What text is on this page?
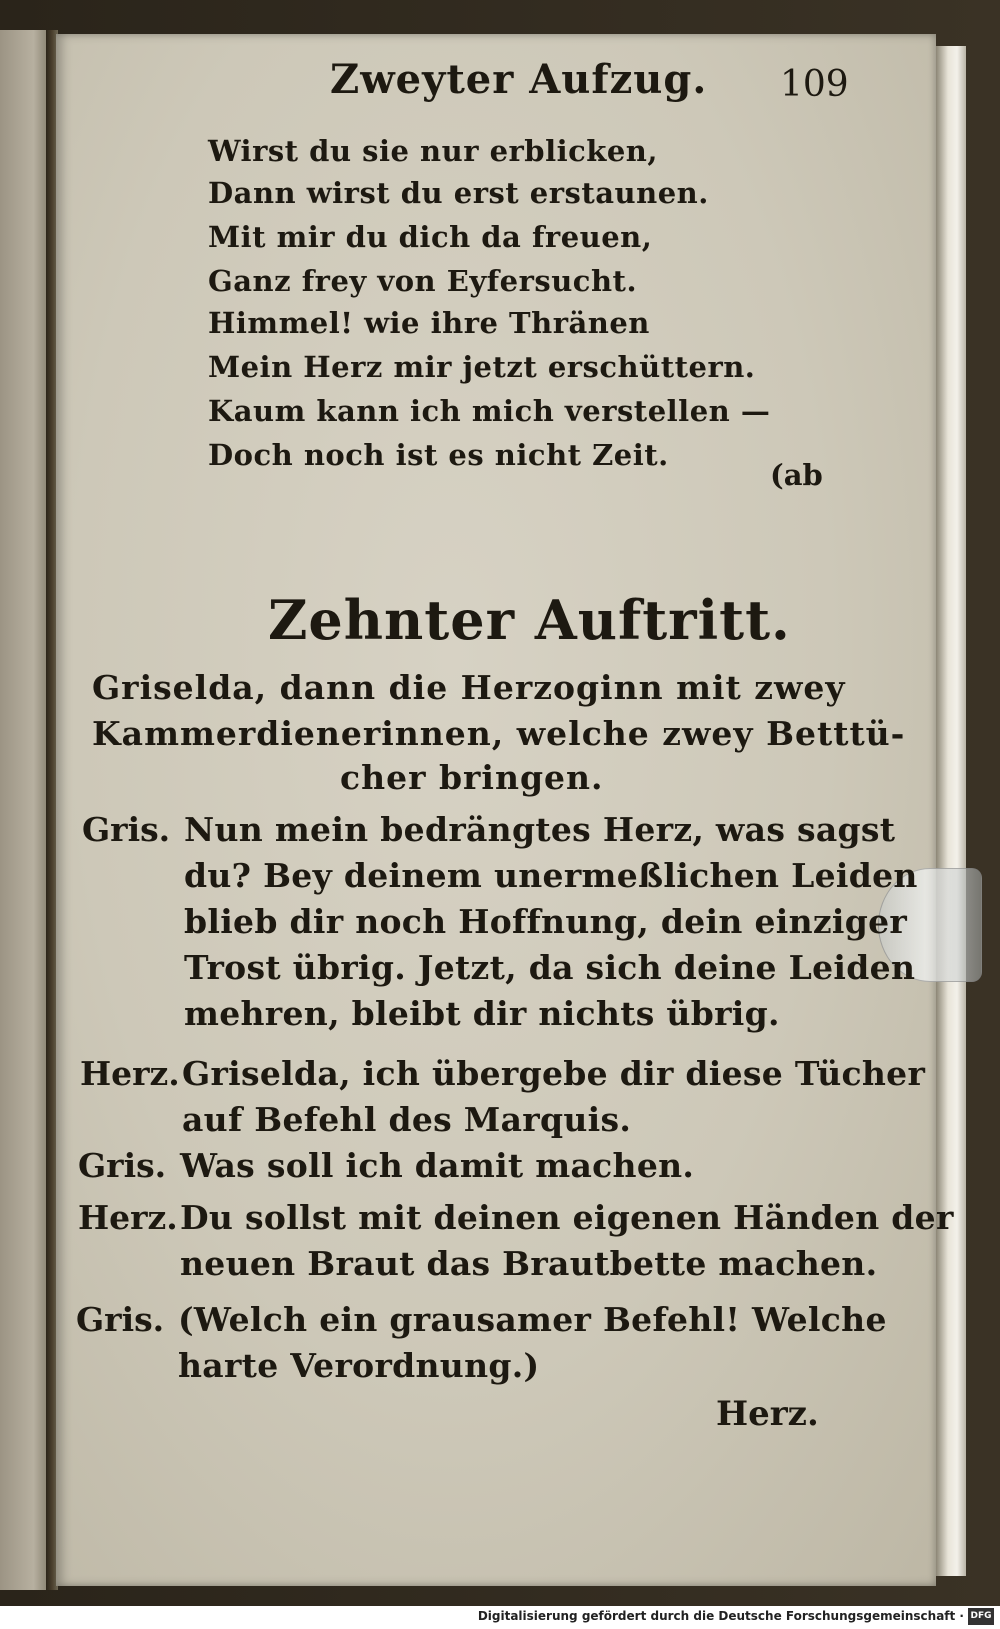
Zweyter Aufzug. 109
Wirst du sie nur erblicken,
Dann wirst du erst erstaunen.
Mit mir du dich da freuen,
Ganz frey von Eyfersucht.
Himmel! wie ihre Thränen
Mein Herz mir jetzt erschüttern.
Kaum kann ich mich verstellen —
Doch noch ist es nicht Zeit.
(ab
Zehnter Auftritt.
Griselda, dann die Herzoginn mit zwey
Kammerdienerinnen, welche zwey Betttü-
cher bringen.
Gris. Nun mein bedrängtes Herz, was sagst
du? Bey deinem unermeßlichen Leiden
blieb dir noch Hoffnung, dein einziger
Trost übrig. Jetzt, da sich deine Leiden
mehren, bleibt dir nichts übrig.
Herz. Griselda, ich übergebe dir diese Tücher
auf Befehl des Marquis.
Gris. Was soll ich damit machen.
Herz. Du sollst mit deinen eigenen Händen der
neuen Braut das Brautbette machen.
Gris. (Welch ein grausamer Befehl! Welche
harte Verordnung.)
Herz.
Digitalisierung gefördert durch die Deutsche Forschungsgemeinschaft · DFG
